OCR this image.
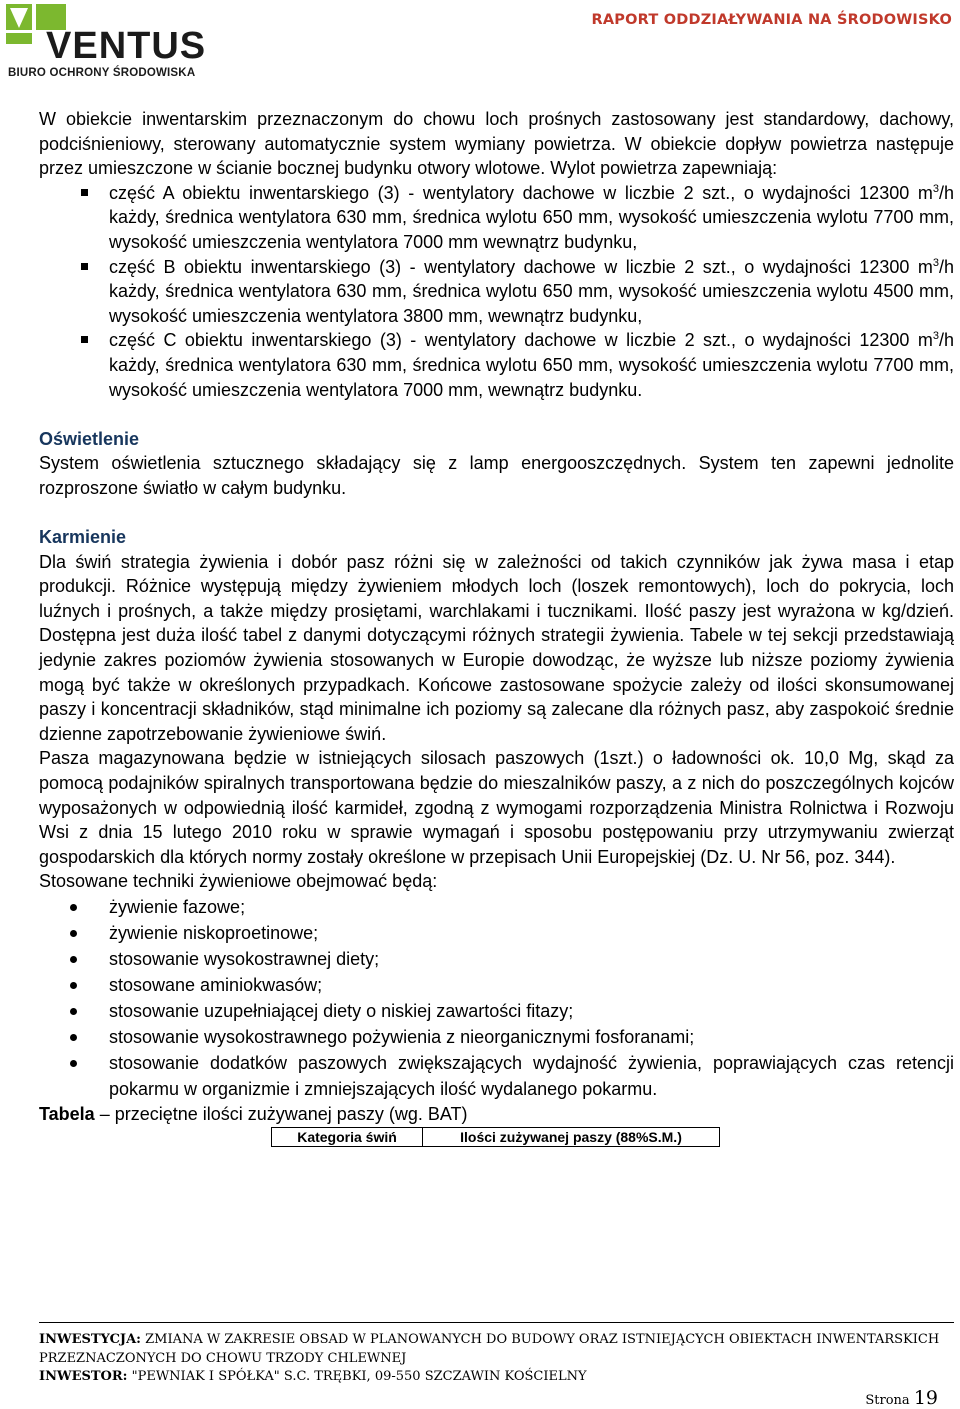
VENTUS
BIURO OCHRONY ŚRODOWISKA
RAPORT ODDZIAŁYWANIA NA ŚRODOWISKO

W obiekcie inwentarskim przeznaczonym do chowu loch prośnych zastosowany jest standardowy, dachowy, podciśnieniowy, sterowany automatycznie system wymiany powietrza. W obiekcie dopływ powietrza następuje przez umieszczone w ścianie bocznej budynku otwory wlotowe. Wylot powietrza zapewniają:

część A obiektu inwentarskiego (3) - wentylatory dachowe w liczbie 2 szt., o wydajności 12300 $m^3/h$ każdy, średnica wentylatora 630 mm, średnica wylotu 650 mm, wysokość umieszczenia wylotu 7700 mm, wysokość umieszczenia wentylatora 7000 mm wewnątrz budynku,
część B obiektu inwentarskiego (3) - wentylatory dachowe w liczbie 2 szt., o wydajności 12300 $m^3/h$ każdy, średnica wentylatora 630 mm, średnica wylotu 650 mm, wysokość umieszczenia wylotu 4500 mm, wysokość umieszczenia wentylatora 3800 mm, wewnątrz budynku,
część C obiektu inwentarskiego (3) - wentylatory dachowe w liczbie 2 szt., o wydajności 12300 $m^3/h$ każdy, średnica wentylatora 630 mm, średnica wylotu 650 mm, wysokość umieszczenia wylotu 7700 mm, wysokość umieszczenia wentylatora 7000 mm, wewnątrz budynku.

Oświetlenie

System oświetlenia sztucznego składający się z lamp energooszczędnych. System ten zapewni jednolite rozproszone światło w całym budynku.

Karmienie

Dla świń strategia żywienia i dobór pasz różni się w zależności od takich czynników jak żywa masa i etap produkcji. Różnice występują między żywieniem młodych loch (loszek remontowych), loch do pokrycia, loch luźnych i prośnych, a także między prosiętami, warchlakami i tucznikami. Ilość paszy jest wyrażona w kg/dzień. Dostępna jest duża ilość tabel z danymi dotyczącymi różnych strategii żywienia. Tabele w tej sekcji przedstawiają jedynie zakres poziomów żywienia stosowanych w Europie dowodząc, że wyższe lub niższe poziomy żywienia mogą być także w określonych przypadkach. Końcowe zastosowane spożycie zależy od ilości skonsumowanej paszy i koncentracji składników, stąd minimalne ich poziomy są zalecane dla różnych pasz, aby zaspokoić średnie dzienne zapotrzebowanie żywieniowe świń.

Pasza magazynowana będzie w istniejących silosach paszowych (1szt.) o ładowności ok. 10,0 Mg, skąd za pomocą podajników spiralnych transportowana będzie do mieszalników paszy, a z nich do poszczególnych kojców wyposażonych w odpowiednią ilość karmideł, zgodną z wymogami rozporządzenia Ministra Rolnictwa i Rozwoju Wsi z dnia 15 lutego 2010 roku w sprawie wymagań i sposobu postępowaniu przy utrzymywaniu zwierząt gospodarskich dla których normy zostały określone w przepisach Unii Europejskiej (Dz. U. Nr 56, poz. 344).

Stosowane techniki żywieniowe obejmować będą:

żywienie fazowe;
żywienie niskoproetinowe;
stosowanie wysokostrawnej diety;
stosowane aminiokwasów;
stosowanie uzupełniającej diety o niskiej zawartości fitazy;
stosowanie wysokostrawnego pożywienia z nieorganicznymi fosforanami;
stosowanie dodatków paszowych zwiększających wydajność żywienia, poprawiających czas retencji pokarmu w organizmie i zmniejszających ilość wydalanego pokarmu.

Tabela – przeciętne ilości zużywanej paszy (wg. BAT)

Kategoria świń	Ilości zużywanej paszy (88%S.M.)
INWESTYCJA: ZMIANA W ZAKRESIE OBSAD W PLANOWANYCH DO BUDOWY ORAZ ISTNIEJĄCYCH OBIEKTACH INWENTARSKICH PRZEZNACZONYCH DO CHOWU TRZODY CHLEWNEJ
INWESTOR: "PEWNIAK I SPÓŁKA" S.C. TRĘBKI, 09-550 SZCZAWIN KOŚCIELNY
Strona 19
